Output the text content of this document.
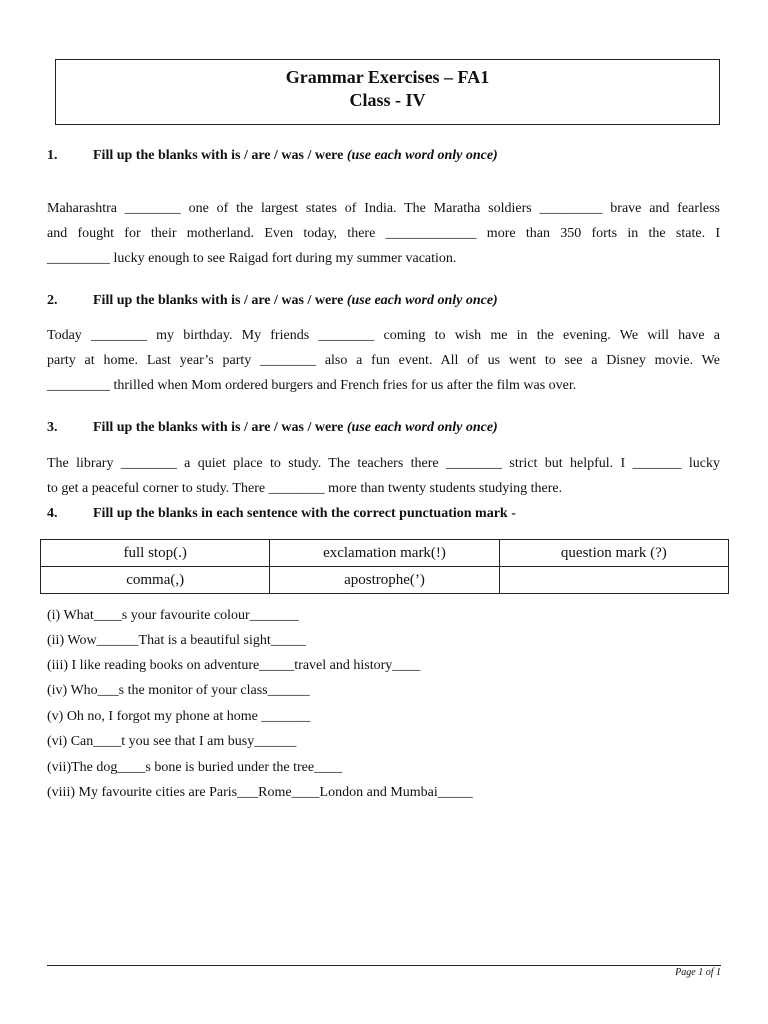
Grammar Exercises – FA1
Class - IV
1.	Fill up the blanks with is / are / was / were (use each word only once)
Maharashtra ________ one of the largest states of India. The Maratha soldiers _________ brave and fearless
and fought for their motherland. Even today, there _____________ more than 350 forts in the state. I
_________ lucky enough to see Raigad fort during my summer vacation.
2.	Fill up the blanks with is / are / was / were (use each word only once)
Today ________ my birthday. My friends ________ coming to wish me in the evening. We will have a
party at home. Last year’s party ________ also a fun event. All of us went to see a Disney movie. We
_________ thrilled when Mom ordered burgers and French fries for us after the film was over.
3.	Fill up the blanks with is / are / was / were (use each word only once)
The library ________ a quiet place to study. The teachers there ________ strict but helpful. I _______ lucky
to get a peaceful corner to study. There ________ more than twenty students studying there.
4.	Fill up the blanks in each sentence with the correct punctuation mark -
full stop(.)	exclamation mark(!)	question mark (?)
comma(,)	apostrophe(’)	
(i) What____s your favourite colour_______
(ii) Wow______That is a beautiful sight_____
(iii) I like reading books on adventure_____travel and history____
(iv) Who___s the monitor of your class______
(v) Oh no, I forgot my phone at home _______
(vi) Can____t you see that I am busy______
(vii)The dog____s bone is buried under the tree____
(viii) My favourite cities are Paris___Rome____London and Mumbai_____
Page 1 of 1
